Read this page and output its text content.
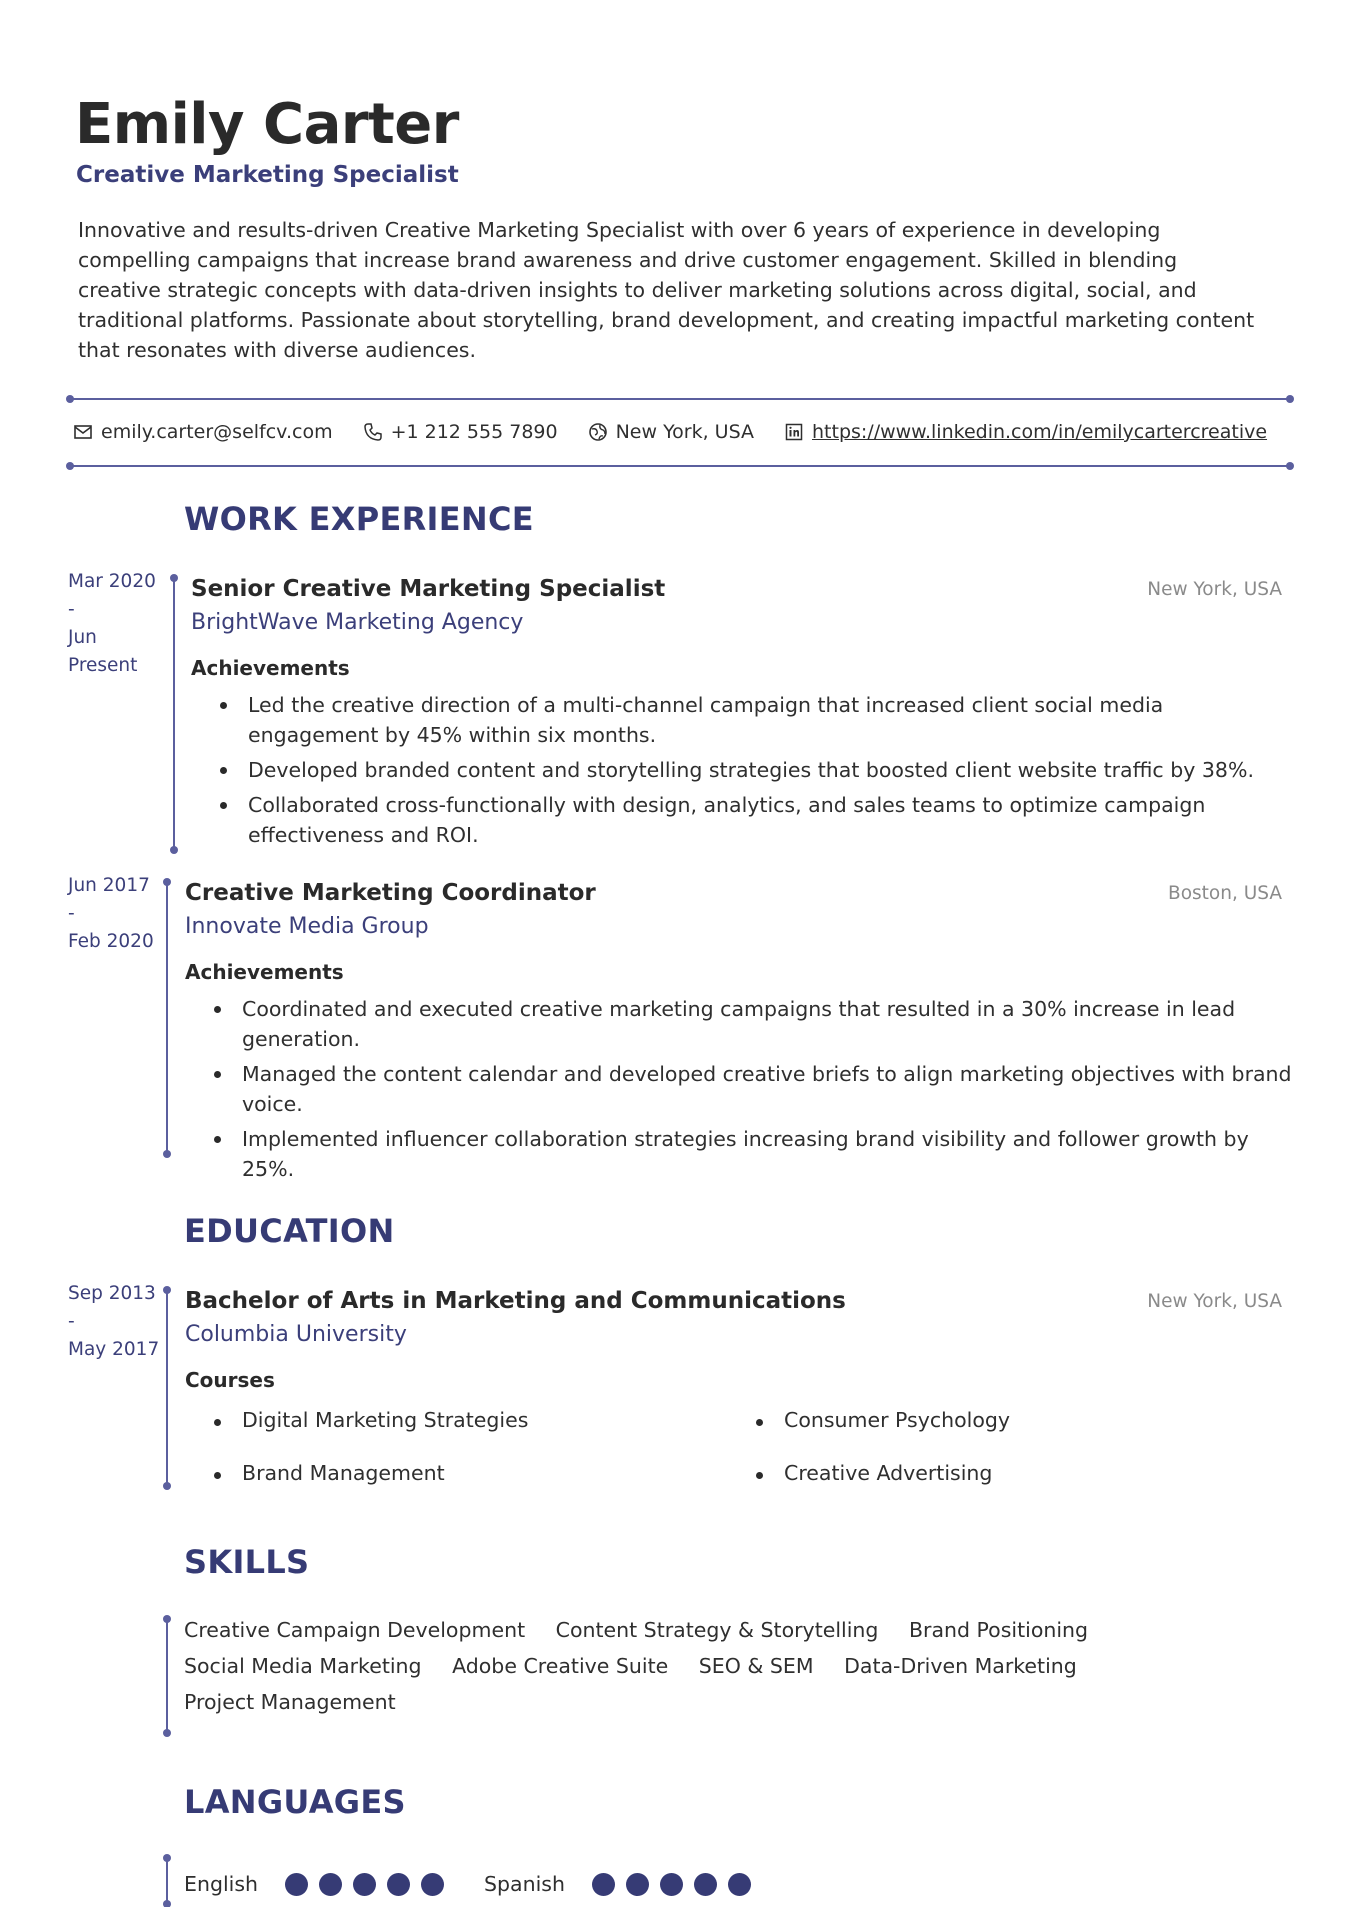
Emily Carter
Creative Marketing Specialist
Innovative and results-driven Creative Marketing Specialist with over 6 years of experience in developing compelling campaigns that increase brand awareness and drive customer engagement. Skilled in blending creative strategic concepts with data-driven insights to deliver marketing solutions across digital, social, and traditional platforms. Passionate about storytelling, brand development, and creating impactful marketing content that resonates with diverse audiences.
emily.carter@selfcv.com	+1 212 555 7890	New York, USA	https://www.linkedin.com/in/emilycartercreative
WORK EXPERIENCE
Mar 2020
-
Jun
Present
Senior Creative Marketing Specialist	New York, USA
BrightWave Marketing Agency
Achievements
Led the creative direction of a multi-channel campaign that increased client social media engagement by 45% within six months.
Developed branded content and storytelling strategies that boosted client website traffic by 38%.
Collaborated cross-functionally with design, analytics, and sales teams to optimize campaign effectiveness and ROI.
Jun 2017
-
Feb 2020
Creative Marketing Coordinator	Boston, USA
Innovate Media Group
Achievements
Coordinated and executed creative marketing campaigns that resulted in a 30% increase in lead generation.
Managed the content calendar and developed creative briefs to align marketing objectives with brand voice.
Implemented influencer collaboration strategies increasing brand visibility and follower growth by 25%.
EDUCATION
Sep 2013
-
May 2017
Bachelor of Arts in Marketing and Communications	New York, USA
Columbia University
Courses
Digital Marketing Strategies	Consumer Psychology
Brand Management	Creative Advertising
SKILLS
Creative Campaign Development Content Strategy & Storytelling Brand Positioning
Social Media Marketing Adobe Creative Suite SEO & SEM Data-Driven Marketing
Project Management
LANGUAGES
English	Spanish
